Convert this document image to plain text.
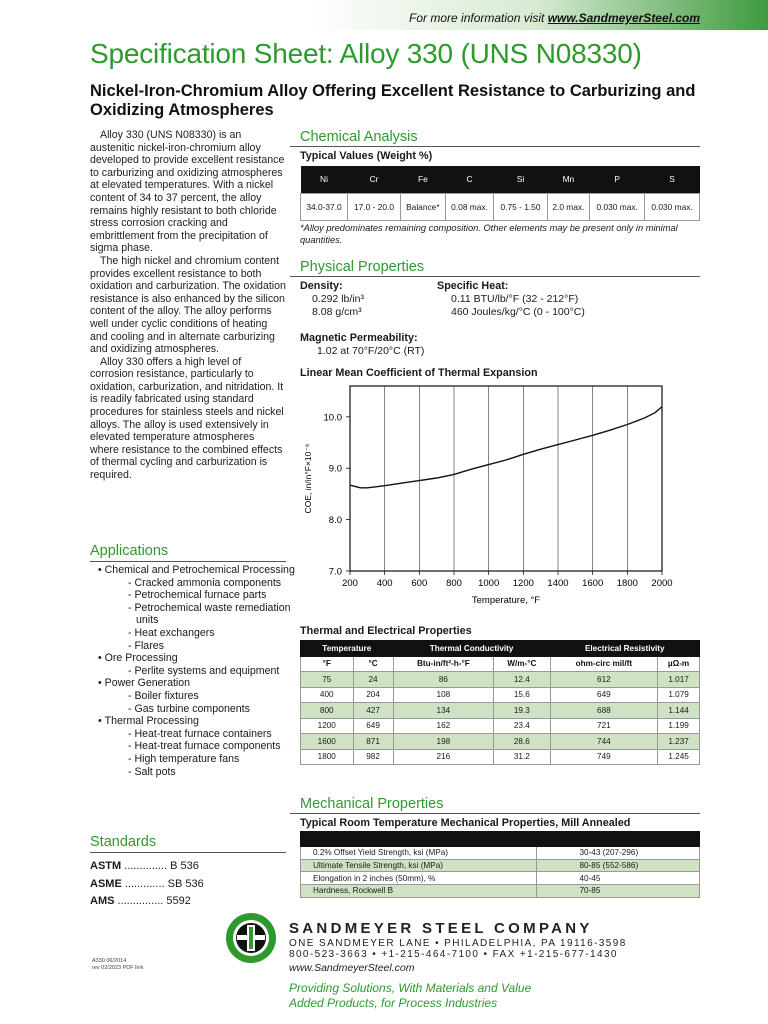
For more information visit www.SandmeyerSteel.com
Specification Sheet: Alloy 330 (UNS N08330)
Nickel-Iron-Chromium Alloy Offering Excellent Resistance to Carburizing and Oxidizing Atmospheres

Alloy 330 (UNS N08330) is an austenitic nickel-iron-chromium alloy developed to provide excellent resistance to carburizing and oxidizing atmospheres at elevated temperatures. With a nickel content of 34 to 37 percent, the alloy remains highly resistant to both chloride stress corrosion cracking and embrittlement from the precipitation of sigma phase.

The high nickel and chromium content provides excellent resistance to both oxidation and carburization. The oxidation resistance is also enhanced by the silicon content of the alloy. The alloy performs well under cyclic conditions of heating and cooling and in alternate carburizing and oxidizing atmospheres.

Alloy 330 offers a high level of corrosion resistance, particularly to oxidation, carburization, and nitridation. It is readily fabricated using standard procedures for stainless steels and nickel alloys. The alloy is used extensively in elevated temperature atmospheres where resistance to the combined effects of thermal cycling and carburization is required.

Applications
• Chemical and Petrochemical Processing
- Cracked ammonia components
- Petrochemical furnace parts
- Petrochemical waste remediation units
- Heat exchangers
- Flares
• Ore Processing
- Perlite systems and equipment
• Power Generation
- Boiler fixtures
- Gas turbine components
• Thermal Processing
- Heat-treat furnace containers
- Heat-treat furnace components
- High temperature fans
- Salt pots
Standards
ASTM .............. B 536
ASME ............. SB 536
AMS ............... 5592
Chemical Analysis
Typical Values (Weight %)
Ni	Cr	Fe	C	Si	Mn	P	S
34.0-37.0	17.0 - 20.0	Balance*	0.08 max.	0.75 - 1.50	2.0 max.	0.030 max.	0.030 max.
*Alloy predominates remaining composition. Other elements may be present only in minimal quantities.
Physical Properties
Density:
0.292 lb/in³
8.08 g/cm³
Specific Heat:
0.11 BTU/lb/°F (32 - 212°F)
460 Joules/kg/°C (0 - 100°C)
Magnetic Permeability:
1.02 at 70°F/20°C (RT)
Linear Mean Coefficient of Thermal Expansion
200 400 600 800 1000 1200 1400 1600 1800 2000
7.0
8.0
9.0
10.0
Temperature, °F
COE, in/in°F×10⁻⁶
Thermal and Electrical Properties
Temperature		Thermal Conductivity		Electrical Resistivity	
°F	°C	Btu-in/ft²-h-°F	W/m-°C	ohm-circ mil/ft	µΩ-m
75	24	86	12.4	612	1.017
400	204	108	15.6	649	1.079
800	427	134	19.3	688	1.144
1200	649	162	23.4	721	1.199
1600	871	198	28.6	744	1.237
1800	982	216	31.2	749	1.245
Mechanical Properties
Typical Room Temperature Mechanical Properties, Mill Annealed

0.2% Offset Yield Strength, ksi (MPa)	30-43 (207-296)
Ultimate Tensile Strength, ksi (MPa)	80-85 (552-586)
Elongation in 2 inches (50mm), %	40-45
Hardness, Rockwell B	70-85
SANDMEYER STEEL COMPANY
ONE SANDMEYER LANE • PHILADELPHIA, PA 19116-3598
800-523-3663 • +1-215-464-7100 • FAX +1-215-677-1430
www.SandmeyerSteel.com
Providing Solutions, With Materials and Value Added Products, for Process Industries
A330 06/2014
rev 02/2023 PDF link
